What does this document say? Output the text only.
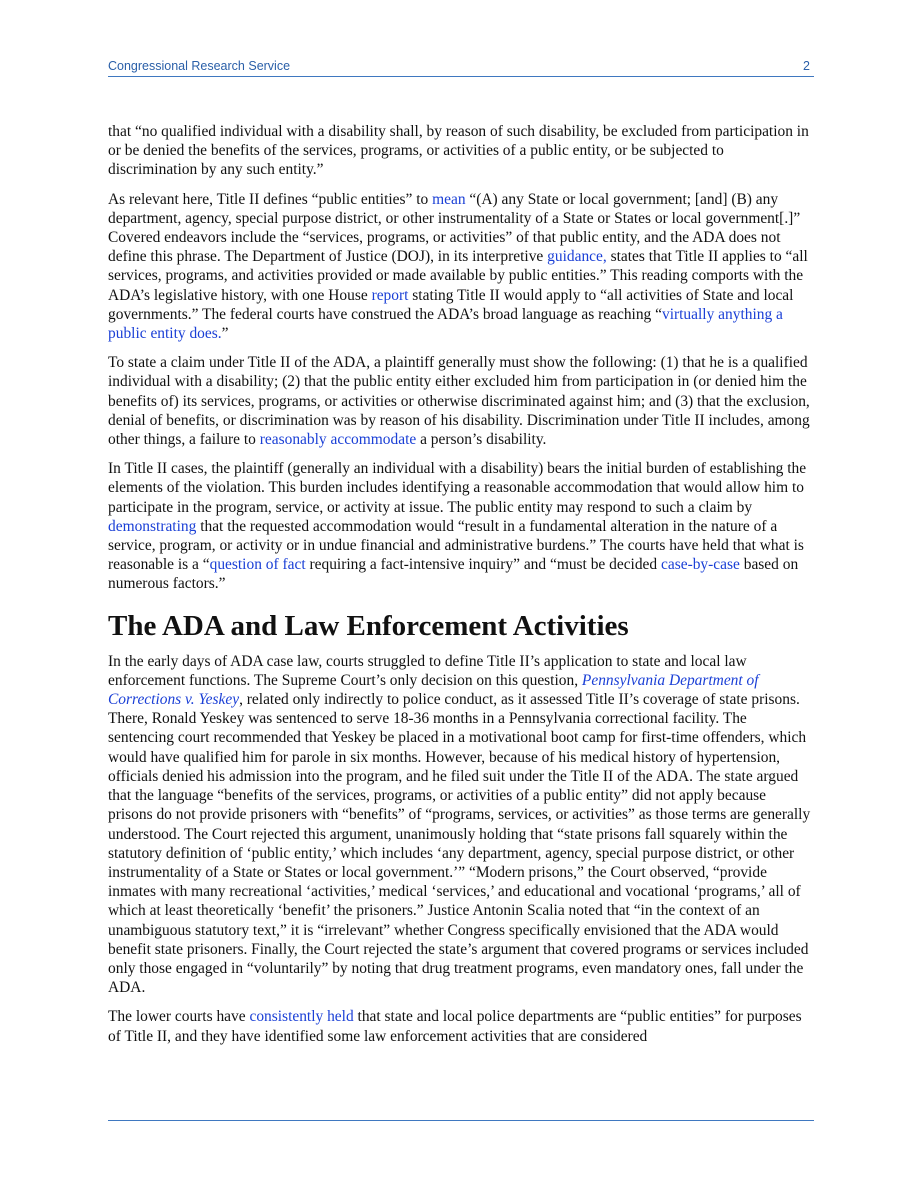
Congressional Research Service	2

that “no qualified individual with a disability shall, by reason of such disability, be excluded from participation in or be denied the benefits of the services, programs, or activities of a public entity, or be subjected to discrimination by any such entity.”

As relevant here, Title II defines “public entities” to mean “(A) any State or local government; [and] (B) any department, agency, special purpose district, or other instrumentality of a State or States or local government[.]” Covered endeavors include the “services, programs, or activities” of that public entity, and the ADA does not define this phrase. The Department of Justice (DOJ), in its interpretive guidance, states that Title II applies to “all services, programs, and activities provided or made available by public entities.” This reading comports with the ADA’s legislative history, with one House report stating Title II would apply to “all activities of State and local governments.” The federal courts have construed the ADA’s broad language as reaching “virtually anything a public entity does.”

To state a claim under Title II of the ADA, a plaintiff generally must show the following: (1) that he is a qualified individual with a disability; (2) that the public entity either excluded him from participation in (or denied him the benefits of) its services, programs, or activities or otherwise discriminated against him; and (3) that the exclusion, denial of benefits, or discrimination was by reason of his disability. Discrimination under Title II includes, among other things, a failure to reasonably accommodate a person’s disability.

In Title II cases, the plaintiff (generally an individual with a disability) bears the initial burden of establishing the elements of the violation. This burden includes identifying a reasonable accommodation that would allow him to participate in the program, service, or activity at issue. The public entity may respond to such a claim by demonstrating that the requested accommodation would “result in a fundamental alteration in the nature of a service, program, or activity or in undue financial and administrative burdens.” The courts have held that what is reasonable is a “question of fact requiring a fact-intensive inquiry” and “must be decided case-by-case based on numerous factors.”

The ADA and Law Enforcement Activities

In the early days of ADA case law, courts struggled to define Title II’s application to state and local law enforcement functions. The Supreme Court’s only decision on this question, Pennsylvania Department of Corrections v. Yeskey, related only indirectly to police conduct, as it assessed Title II’s coverage of state prisons. There, Ronald Yeskey was sentenced to serve 18-36 months in a Pennsylvania correctional facility. The sentencing court recommended that Yeskey be placed in a motivational boot camp for first-time offenders, which would have qualified him for parole in six months. However, because of his medical history of hypertension, officials denied his admission into the program, and he filed suit under the Title II of the ADA. The state argued that the language “benefits of the services, programs, or activities of a public entity” did not apply because prisons do not provide prisoners with “benefits” of “programs, services, or activities” as those terms are generally understood. The Court rejected this argument, unanimously holding that “state prisons fall squarely within the statutory definition of ‘public entity,’ which includes ‘any department, agency, special purpose district, or other instrumentality of a State or States or local government.’” “Modern prisons,” the Court observed, “provide inmates with many recreational ‘activities,’ medical ‘services,’ and educational and vocational ‘programs,’ all of which at least theoretically ‘benefit’ the prisoners.” Justice Antonin Scalia noted that “in the context of an unambiguous statutory text,” it is “irrelevant” whether Congress specifically envisioned that the ADA would benefit state prisoners. Finally, the Court rejected the state’s argument that covered programs or services included only those engaged in “voluntarily” by noting that drug treatment programs, even mandatory ones, fall under the ADA.

The lower courts have consistently held that state and local police departments are “public entities” for purposes of Title II, and they have identified some law enforcement activities that are considered
